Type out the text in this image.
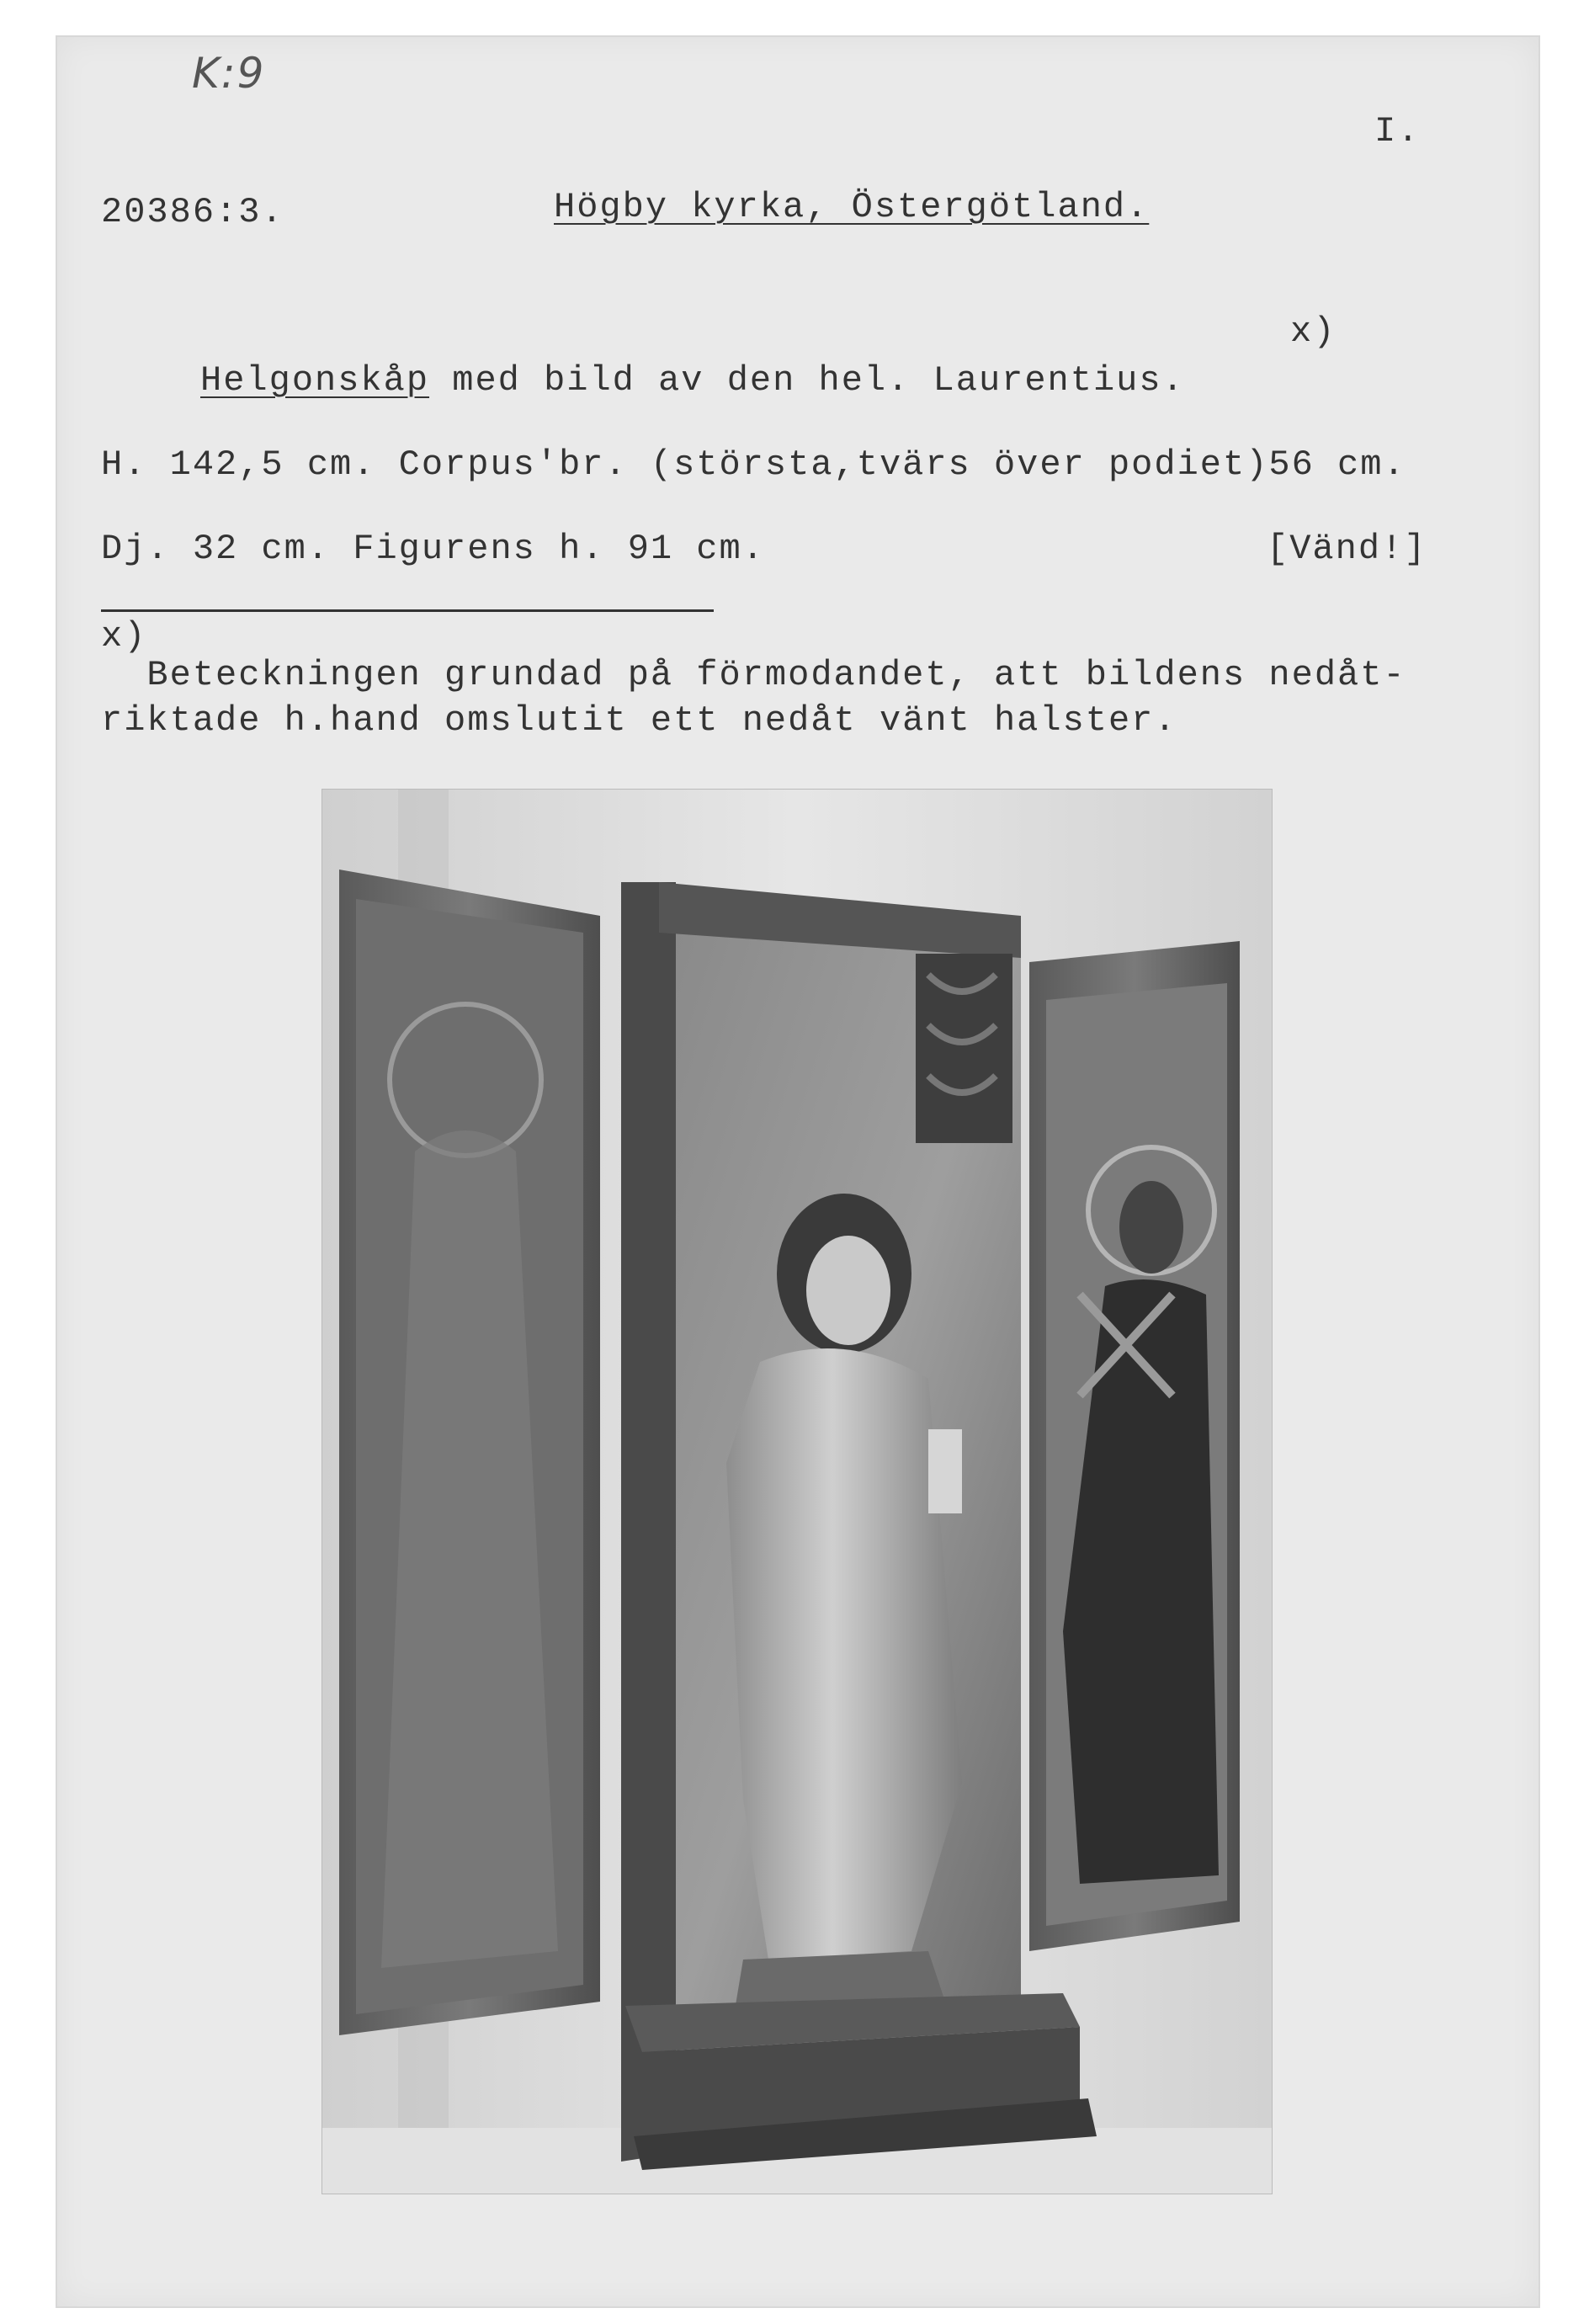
K:9
I.
20386:3.	Högby kyrka, Östergötland.
x)
Helgonskåp med bild av den hel. Laurentius.
H. 142,5 cm. Corpus'br. (största,tvärs över podiet)56 cm.
Dj. 32 cm. Figurens h. 91 cm.	[Vänd!]
x)
Beteckningen grundad på förmodandet, att bildens nedåt-
riktade h.hand omslutit ett nedåt vänt halster.
